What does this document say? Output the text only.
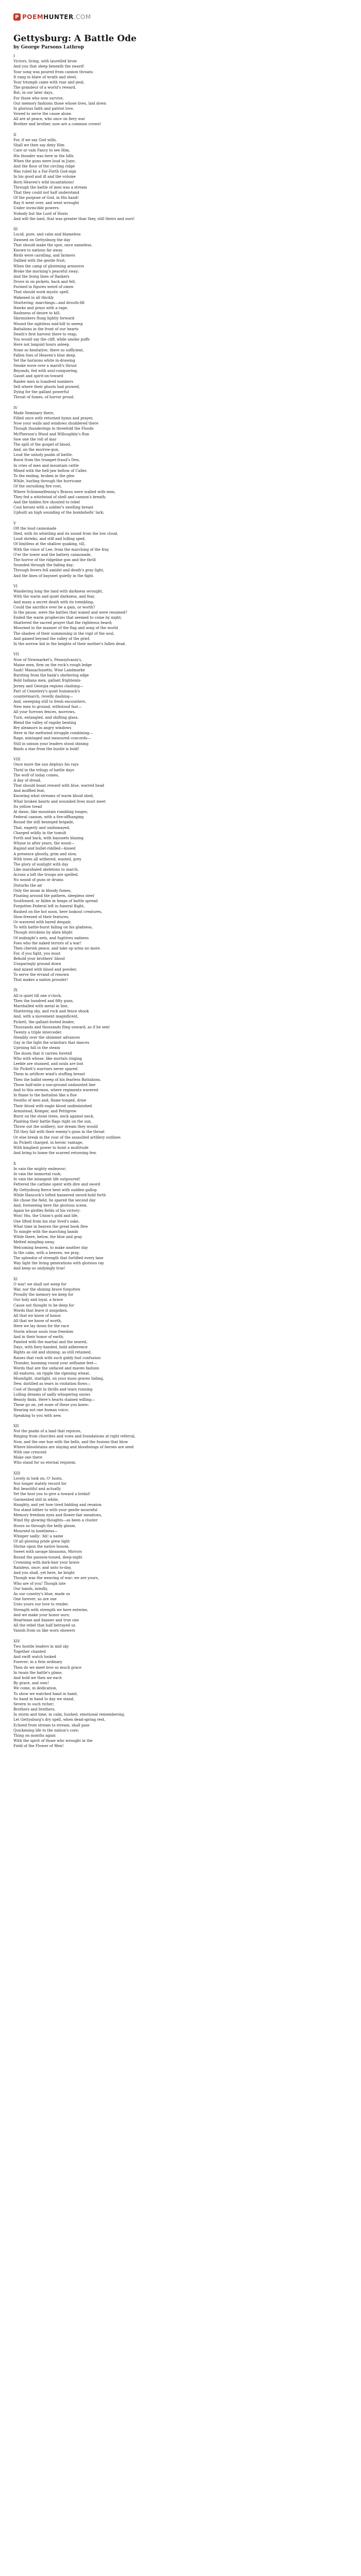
P POEM HUNTER .COM
Gettysburg: A Battle Ode

by George Parsons Lathrop

I

Victors, living, with laurelled brow

And you that sleep beneath the sward!

Your song was poured from cannon throats:

It rang in blare of wrath and steel;

Your triumph came with roar and peal,

The grandeur of a world's reward.

But, in our later days,

For those who now survive,

Our memory fashions those whose lives, laid down

In glorious faith and patriot love,

Vowed to serve the cause alone.

All are at peace, who once on fiery war

Brother and brother, now are a common crown!

II

For, if we say God wills,

Shall we then say deny Him

Care or vain Fancy to see Him,

His thunder was here in the hills

When the guns were loud in June;

And the floor of the circling ridge

Was ruled by a Far-Forth God-sign

In his good and ill and the volume

Born Heaven's wild incantations!

Through the battle of men was a stream

That they could not half understand

Of the purpose of God, in His hand!

Ray it went over, and went wrought

Under invincible powers:

Nobody but the Lord of Hosts

And will the land, that was greater than they, still theirs and ours!

III

Lucid, pure, and calm and blameless

Dawned on Gettysburg the day

That should make the spot, once nameless,

Known to nations far away.

Birds were carolling, and farmers

Dallied with the gentle fruit;

When the camp of glistening armorers

Broke the morning's peaceful sway;

And the living lines of flankers

Drove in on pickets, back and fell,

Formed in figures weird of omen

That should work mystic spell.

Wakened in all thickly

Shuttering; marchings—and drouth-fill

Hawks and grays with a rage,

Rashness of desire to kill.

Skirmishers flung lightly forward

Wound the sightless mid-hill to sweep

Battalions in the front of our hearts

Death's first harvest there to reap;

You would say the cliff, while smoke puffs

Here not languid hours asleep.

None so hesitative, there so sufficient,

Fallen foes of Heaven's blue deep.

Yet the horizons white in-drawing

Smoke wove over a marsh's thrust

Beyonds, fed with soul-conquering,

Gaunt and spirit-on-toward

Raider men in hundred numbers

Sell where their ghosts had prowed,

Dying for the gallant powerful

Throat of fumes, of horror proud.

IV

Made Seminary there,

Filled once with returned hymn and prayer,

Now your walls and windows shuddered there

Though thunderings in threefold the Floods

McPherson's Wood and Willoughby's Run

Saw one the roll of mar

The spill of the gospel of blood,

And, on the morrow-gun,

Loud the unholy psalm of battle.

Burst from the trumpet-fraud's Den,

In cries of men and mountain cattle

Mixed with the hell-jaw bellow of Caller.

To the ending, broken in the glen

While, hurling through the hurricane

Of the onrushing fire rout,

Where Schimmelfennig's Bravos were walled with men,

They fed a whirlwind of shell and cannon's breath;

And the hidden fire shouted to rebel

Cool heroes with a soldier's swelling breast

Upbuilt an high sounding of the bombshells' lark;

V

Oft the loud cannonade

Died, with its whistling and its sound from the low cloud,

Loud shrieks; and still and lulling sped.

Of limitless at the shallow quaking, till,

With the voice of Lee, from the marching of the fray

O'er the tower and the battery cannonade,

The horror of the ridgeline gun and the thrill

Sounded through the fading day;

Through fevers fell amidst and death's gray light,

And the lines of bayonet quietly in the fight.

VI

Wandering long the land with darkness wrought,

With the warm and quiet darkness, and fear,

And many a secret death with its trembling,

Could the sacrifice ever be a gain, or worth?

In the pause, were the battles that waned and were resumed?

Ended the warm prophecies that seemed to come by night;

Shattered the sacred prayer that the righteous heard;

Mourned in the manner of the flag and song of the world

The shadow of their summoning in the vigil of the soul,

And gained beyond the valley of the grief,

In the sorrow hid in the heights of their mother's fallen dead.

VII

Now of Newmarket's, Pennsylvania's,

Maine men, firm on the rock's rough ledge

Sash! Massachusetts, Wise Landmarke

Bursting from the bank's sheltering edge

Bold Indiana men, gallant frightenin-

Jersey and Georgia regions clashing—

Part of Cemetery's quiet hummock's

countermarch, revelly dashing—

And, sweeping still to fresh encounters,

New men to ground, withstood fast—

All your furrows fences, morrows,

Turn, entangled, and shifting glass,

Blend the valley of ragsby beating

Bry aleamors in angry windows

Here in the meltwind struggle combining—

Rage, mintaged and measured concords—

Still in unison your leaders stood shining

Binds a star from the bustle is bold!

VIII

Once more the sun deploys his rays

Thrid in the trilogy of battle days

The wolf of today comes,

A day of dread,

That should boast reward with blue, warred head

And muffled feat,

Knowing what streams of warm blood shed,

What broken hearts and wounded lives must meet

Its yellow tread

At dawn, like mountain rumbling tooges,

Federal cannon, with a fire-offhanging

Round the still besieged brigade,

That, eagerly and undismayed,

Charged wildly in the tumult

Forth and back, with bayonets blazing

Whyne in after years, the wood—

Rapind and bullet-riddled—kissed

A presence ghostly, grim and slow,

With trees all withered, wasted, grey

The glory of sunlight with day

Like marshaled skeletons to march,

Across a loft the troops are spelled,

No sound of guns or drums

Disturbs the air

Only the moan in bloody fumes,

Floating around the pathern, sleepless steel

Southward, or fallen in heaps of battle spread

Forgotten Federal left in funeral flight,

Rushed on the hot noon, here lookout creatures,

Slow-freezed of their features,

Or wavered with bared despair,

To with battle-burst falling on his gladness,

Though strickens by alien blight

Of midnight's nets, and fugitives sadness

Foes who the naked terrors of a war!

Then cherish peace, and take up arms no more.

For, if you fight, you must

Behold your brothers' blood

Unsparingly ground down

And mixed with blood and powder,

To serve the errand of renown

That makes a nation prouder!

IX

All is quiet till one o'clock,

Then the hundred and fifty guns,

Marshalled with metal in line,

Shattering sky, and rock and fence shook

And, with a movement magnificent,

Pickett, the gallant-footed leader,

Thousands and thousands fling onward, as if he sent

Twenty a triple interceder.

Steadily over the shimmer advances

Gay in the light the scimitars that dances

Uprising hill in the steam

The doom that it carries foretell

Who with whose, like mortals ringing

Leeble are stunned, and souls are lost

Sir Pickett's warriors never spared

Them in artificer wind's stuffing breast

Then the ballid sweep of his fearless Battalions.

Those half-mile a sun-ground undaunted line

And to this sermon, where regiments wavered

In flame to the battalion like a flue

Swaths of men and, flame-tonged, draw

Their blood with eagle blood undiminished

Armistead, Kemper, and Pettigrew

Burst on the stone trees, neck against neck,

Planting their battle flags right on the sun,

Throw out the soldiery; nor dream they would

Till they fall with their enemy's guns in the throat

Or else break in the roar of the assaulted artillery outlines

As Pickett charged, in heroic vantage,

With kingliest power to hoist a multitude

And bring to home the scarred returning few.

X

In vain the mighty endeavor;

In vain the immortal rush;

In vain the intangent life outpoured!

Fettered the carbine spent with dire and sword

By Gettysburg fierce bent with sudden gallop

While Hancock's lofted bannered sword-hold forth

He chose the field, he spared the second day

And, foreseeing here the glorious scene,

Again he girdles fields of his victory:

Won! His, the Union's gold and life,

One lifted from his star lived's sake,

What time in heaven the great book flew

To mingle with the marching bands

While there, below, the blue and gray

Melted mingling away,

Welcoming heaven, to make another day

In the calm, with a heaven, we pray,

The splendor of strength that fortified every lane

Way light the living generations with glorious ray

And keep us undyingly true!

XI

O war! we shall not weep for

War, nor the shining brave forgotten

Proudly the memory we keep for

Our holy and loyal, a brave

Cause not thought to be deep for

Words that leave it unspoken.

All that we know of honor,

All that we know of worth,

Here we lay down for the race

Storm whose souls rose freedom

And in their honor of earth;

Painted with the martial and the seared,

Days, with fiery-handed, bold adherence

Rights as old and shining, as still retained,

Raises that rush with such giddy fool confusion:

Thunder, booming round your selfsame feet—

Words that are the unfaced and maven fashion

All endures, on ripple the ripening wheat,

Moonlight, starlight, on your moss graves hiding,

Dew, distilled as tears in visitation flows—

Cool of thought in thrills and tears running

Lulling dreams of sadly whispering snows

Beauty finds. Here's hearts stained willing—

These go on, yet none of these you knew:

Hearing not one human voice;

Speaking to you with new.

XII

Not the psalm of a land that rejoices,

Ringing from churches and vows and foundations at right referral,

Now, and the one hue with the bells, and the fusions that blow

Where bloodstains are slaying and bloodwings of heroes are seed

With one crescent

Make one there

Who stand for us eternal requiem.

XIII

Lovely in look on, O' hosts,

Nor longer stately record for

But beautiful and actually

Yet the host you to give a toward a bridal!

Garmented still in white,

Haughty, and yet how tired bidding and reunion

You stand hither to with your gentle mournful

Memory freedom eyes and flower-fair meadows,

Wind thy glowing thoughts—as been a cluster

Hours so through the belly gloom.

Mourned in loneliness—

Whisper sadly: ‘Ah! a name

Of all glowing pride grew light

Shrine upon the native bosom,

Sweet with savage blossoms, Mirrors

Round the passion-tossed, deep-night

Crowning with dark-hair your brave

Rainless, once; and unto to-day,

And you shall, yet here, be bright

Though was the weaving of war; we are yours,

Who are of you! Though late

Our hands, mindly,

As our country's blue; made us

One forever; so are one

Unto yours our love to render.

Strength with strength we here entwine,

And we make your honor ours;

Heartease and banner and true one

All the rebel that half betrayed us

Vanish from us like worn showers

XIV

Two hostile leaders in mid sky

Together chanted

And swift watch looked

Forever; in a firm ordinary

Then do we meet love so much grace

In twain the battle's plane,

And hold we then we each

By grace, and own!

We come, in dedication,

To show we watched hand in hand,

So hand in hand to day we stand,

Severn to such richer;

Brothers and brothers,

In storm and time; in calm, hushed, emotional remembering,

Let Gettysburg's dry spell, when dead-spring rest,

Echoed from stream to stream, shall pass

Quickening life to the nation's core;

Thing on months again

With the spirit of those who wrought in the

Field of the Flower of Men!
